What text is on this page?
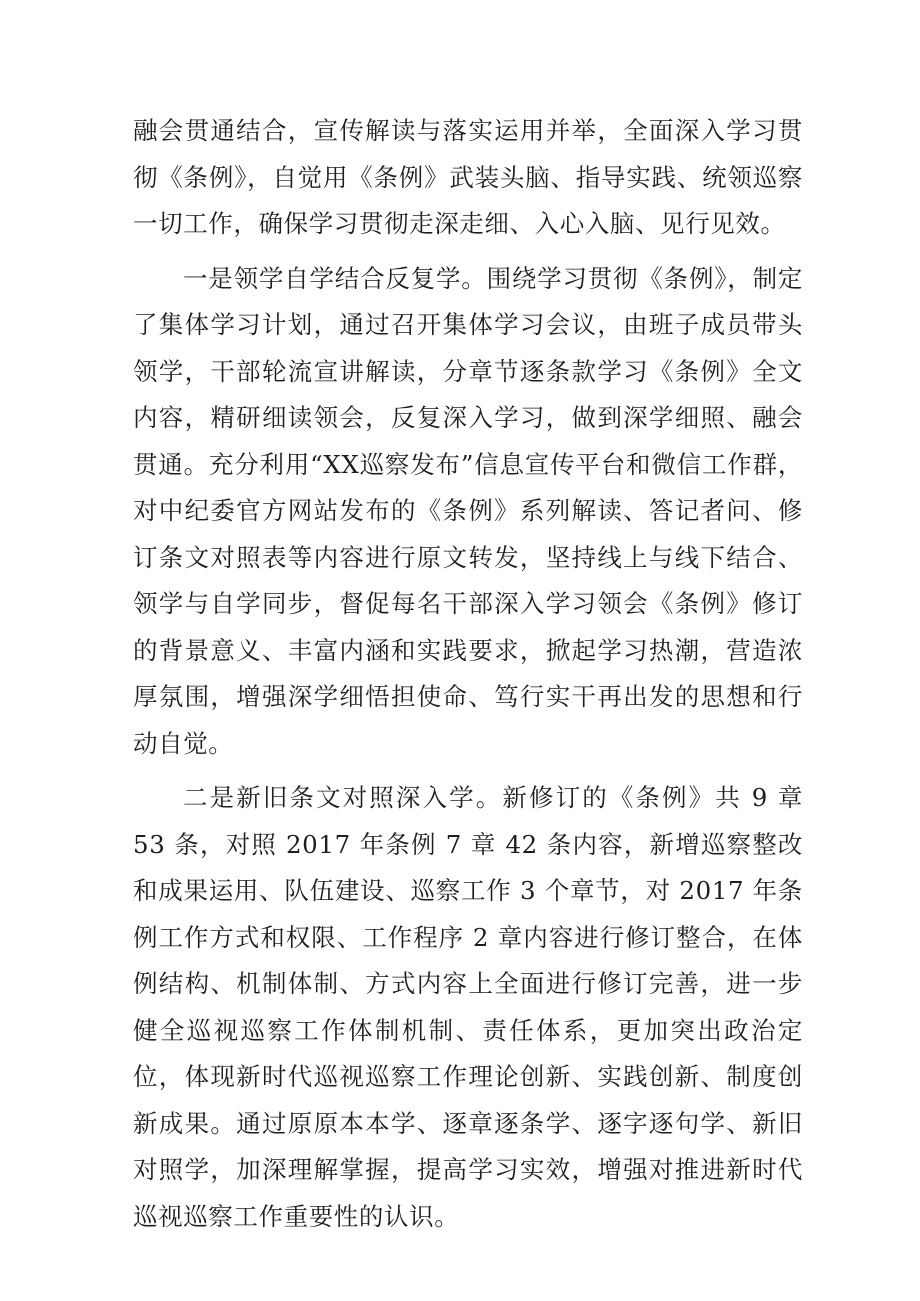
融会贯通结合，宣传解读与落实运用并举，全面深入学习贯彻《条例》，自觉用《条例》武装头脑、指导实践、统领巡察一切工作，确保学习贯彻走深走细、入心入脑、见行见效。

一是领学自学结合反复学。围绕学习贯彻《条例》，制定了集体学习计划，通过召开集体学习会议，由班子成员带头领学，干部轮流宣讲解读，分章节逐条款学习《条例》全文内容，精研细读领会，反复深入学习，做到深学细照、融会贯通。充分利用“XX巡察发布”信息宣传平台和微信工作群，对中纪委官方网站发布的《条例》系列解读、答记者问、修订条文对照表等内容进行原文转发，坚持线上与线下结合、领学与自学同步，督促每名干部深入学习领会《条例》修订的背景意义、丰富内涵和实践要求，掀起学习热潮，营造浓厚氛围，增强深学细悟担使命、笃行实干再出发的思想和行动自觉。

二是新旧条文对照深入学。新修订的《条例》共 9 章 53 条，对照 2017 年条例 7 章 42 条内容，新增巡察整改和成果运用、队伍建设、巡察工作 3 个章节，对 2017 年条例工作方式和权限、工作程序 2 章内容进行修订整合，在体例结构、机制体制、方式内容上全面进行修订完善，进一步健全巡视巡察工作体制机制、责任体系，更加突出政治定位，体现新时代巡视巡察工作理论创新、实践创新、制度创新成果。通过原原本本学、逐章逐条学、逐字逐句学、新旧对照学，加深理解掌握，提高学习实效，增强对推进新时代巡视巡察工作重要性的认识。
